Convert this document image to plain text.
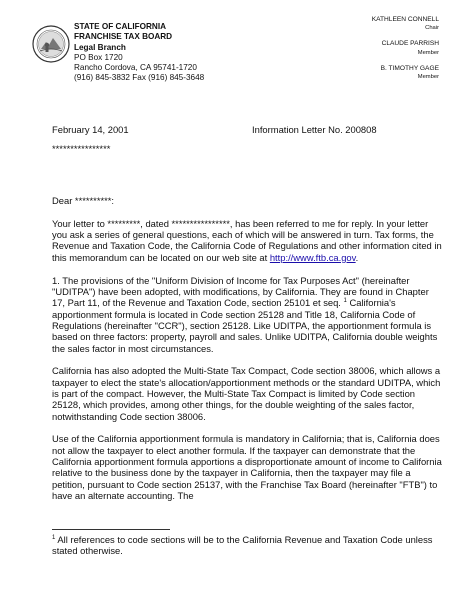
STATE OF CALIFORNIA
FRANCHISE TAX BOARD
Legal Branch
PO Box 1720
Rancho Cordova, CA 95741-1720
(916) 845-3832 Fax (916) 845-3648
KATHLEEN CONNELL
Chair
CLAUDE PARRISH
Member
B. TIMOTHY GAGE
Member
February 14, 2001	Information Letter No. 200808
****************

Dear **********:

Your letter to *********, dated ****************, has been referred to me for reply. In your letter you ask a series of general questions, each of which will be answered in turn. Tax forms, the Revenue and Taxation Code, the California Code of Regulations and other information cited in this memorandum can be located on our web site at http://www.ftb.ca.gov.

1. The provisions of the "Uniform Division of Income for Tax Purposes Act" (hereinafter "UDITPA") have been adopted, with modifications, by California. They are found in Chapter 17, Part 11, of the Revenue and Taxation Code, section 25101 et seq. $^1$ California's apportionment formula is located in Code section 25128 and Title 18, California Code of Regulations (hereinafter "CCR"), section 25128. Like UDITPA, the apportionment formula is based on three factors: property, payroll and sales. Unlike UDITPA, California double weights the sales factor in most circumstances.

California has also adopted the Multi-State Tax Compact, Code section 38006, which allows a taxpayer to elect the state's allocation/apportionment methods or the standard UDITPA, which is part of the compact. However, the Multi-State Tax Compact is limited by Code section 25128, which provides, among other things, for the double weighting of the sales factor, notwithstanding Code section 38006.

Use of the California apportionment formula is mandatory in California; that is, California does not allow the taxpayer to elect another formula. If the taxpayer can demonstrate that the California apportionment formula apportions a disproportionate amount of income to California relative to the business done by the taxpayer in California, then the taxpayer may file a petition, pursuant to Code section 25137, with the Franchise Tax Board (hereinafter "FTB") to have an alternate accounting. The

$^1$ All references to code sections will be to the California Revenue and Taxation Code unless stated otherwise.
